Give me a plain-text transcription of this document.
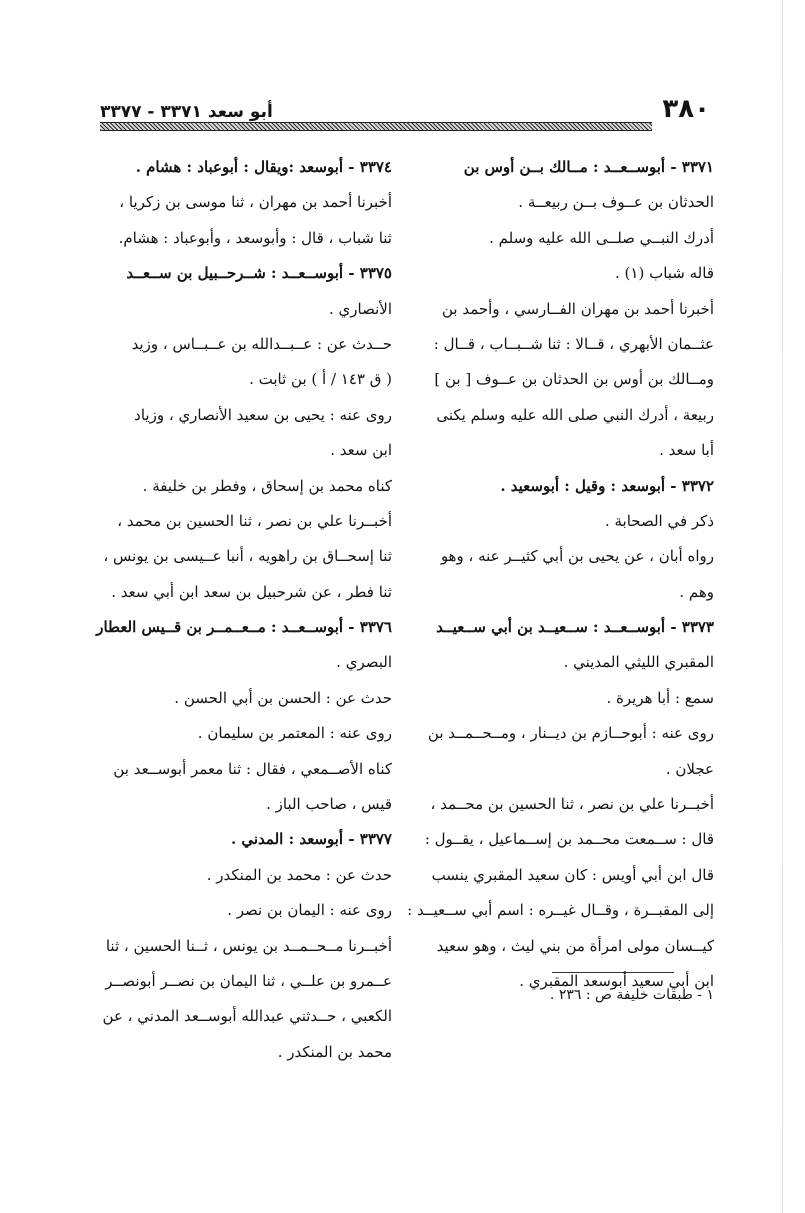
٣٨٠
أبو سعد ٣٣٧١ - ٣٣٧٧
٣٣٧١ - أبوســعــد : مــالك بــن أوس بن
الحدثان بن عــوف بــن ربيعــة .
أدرك النبــي صلــى الله عليه وسلم .
قاله شباب (١) .
أخبرنا أحمد بن مهران الفــارسي ، وأحمد بن
عثــمان الأبهري ، قــالا : ثنا شــبــاب ، قــال :
ومــالك بن أوس بن الحدثان بن عــوف [ بن ]
ربيعة ، أدرك النبي صلى الله عليه وسلم يكنى
أبا سعد .
٣٣٧٢ - أبوسعد : وقيل : أبوسعيد .
ذكر في الصحابة .
رواه أبان ، عن يحيى بن أبي كثيــر عنه ، وهو
وهم .
٣٣٧٣ - أبوســعــد : ســعيــد بن أبي ســعيــد
المقبري الليثي المديني .
سمع : أبا هريرة .
روى عنه : أبوحــازم بن ديــنار ، ومــحــمــد بن
عجلان .
أخبــرنا علي بن نصر ، ثنا الحسين بن محــمد ،
قال : ســمعت محــمد بن إســماعيل ، يقــول :
قال ابن أبي أويس : كان سعيد المقبري ينسب
إلى المقبــرة ، وقــال غيــره : اسم أبي ســعيــد :
كيــسان مولى امرأة من بني ليث ، وهو سعيد
ابن أبي سعيد أبوسعد المقبري .
٣٣٧٤ - أبوسعد :ويقال : أبوعباد : هشام .
أخبرنا أحمد بن مهران ، ثنا موسى بن زكريا ،
ثنا شباب ، قال : وأبوسعد ، وأبوعباد : هشام.
٣٣٧٥ - أبوســعــد : شــرحــبيل بن ســعــد
الأنصاري .
حــدث عن : عــبــدالله بن عــبــاس ، وزيد
( ق ١٤٣ / أ ) بن ثابت .
روى عنه : يحيى بن سعيد الأنصاري ، وزياد
ابن سعد .
كناه محمد بن إسحاق ، وفطر بن خليفة .
أخبــرنا علي بن نصر ، ثنا الحسين بن محمد ،
ثنا إسحــاق بن راهويه ، أنبا عــيسى بن يونس ،
ثنا فطر ، عن شرحبيل بن سعد ابن أبي سعد .
٣٣٧٦ - أبوســعــد : مــعــمــر بن قــيس العطار
البصري .
حدث عن : الحسن بن أبي الحسن .
روى عنه : المعتمر بن سليمان .
كناه الأصــمعي ، فقال : ثنا معمر أبوســعد بن
قيس ، صاحب الباز .
٣٣٧٧ - أبوسعد : المدني .
حدث عن : محمد بن المنكدر .
روى عنه : اليمان بن نصر .
أخبــرنا مــحــمــد بن يونس ، ثــنا الحسين ، ثنا
عــمرو بن علــي ، ثنا اليمان بن نصــر أبونصــر
الكعبي ، حــدثني عبدالله أبوســعد المدني ، عن
محمد بن المنكدر .
١ - طبقات خليفة ص : ٢٣٦ .
